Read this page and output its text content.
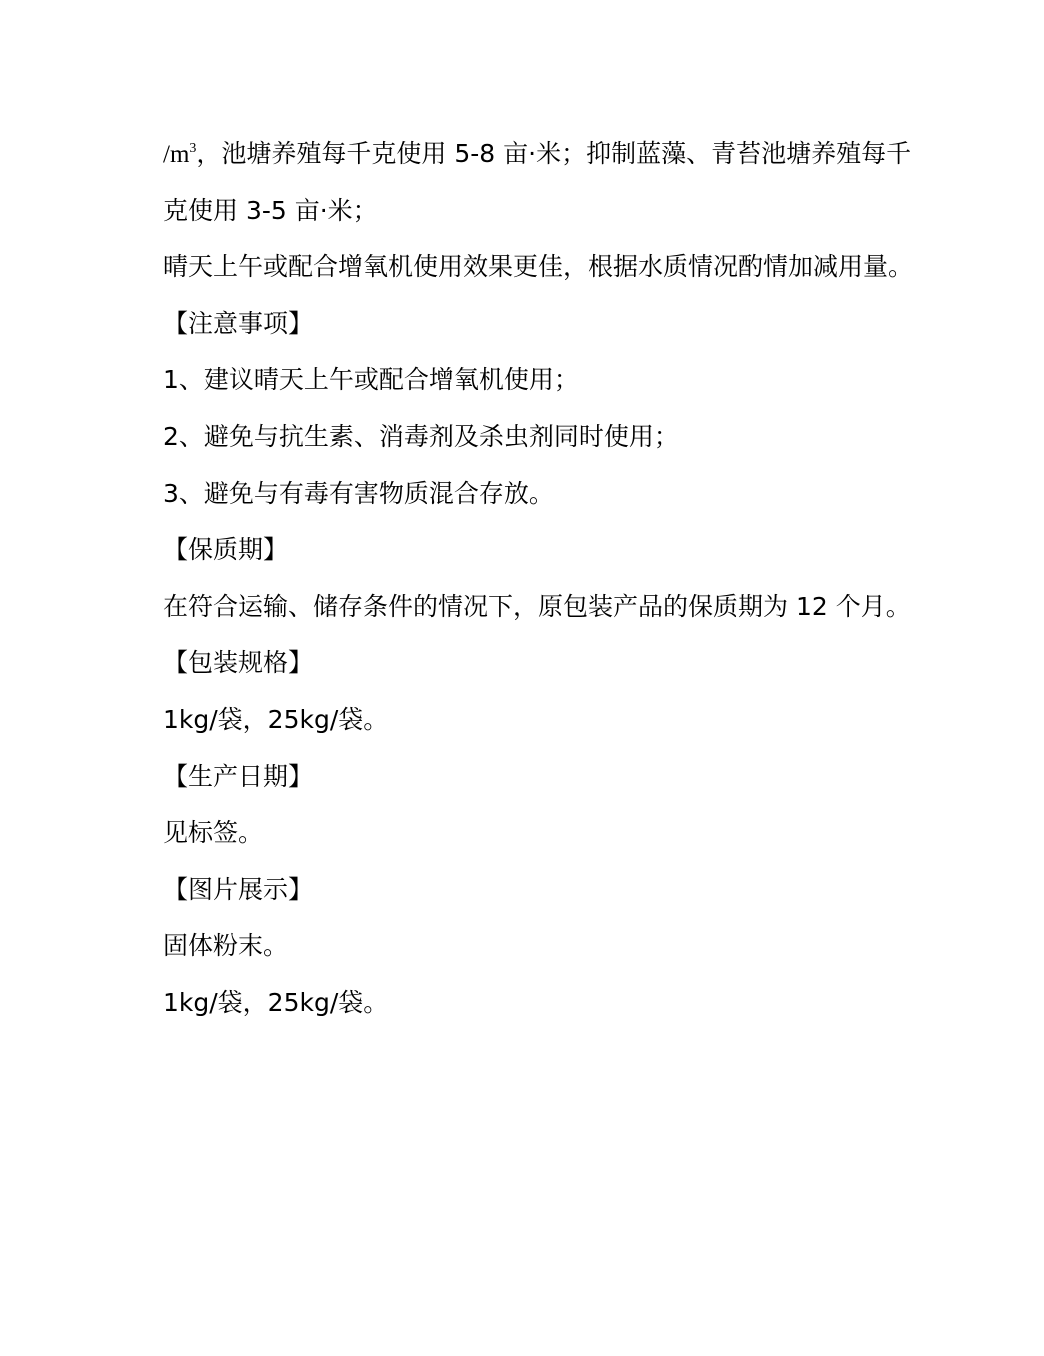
$/m^3$，池塘养殖每千克使用 5-8 亩·米；抑制蓝藻、青苔池塘养殖每千
克使用 3-5 亩·米；
晴天上午或配合增氧机使用效果更佳，根据水质情况酌情加减用量。
【注意事项】
1、建议晴天上午或配合增氧机使用；
2、避免与抗生素、消毒剂及杀虫剂同时使用；
3、避免与有毒有害物质混合存放。
【保质期】
在符合运输、储存条件的情况下，原包装产品的保质期为 12 个月。
【包装规格】
1kg/袋，25kg/袋。
【生产日期】
见标签。
【图片展示】
固体粉末。
1kg/袋，25kg/袋。
